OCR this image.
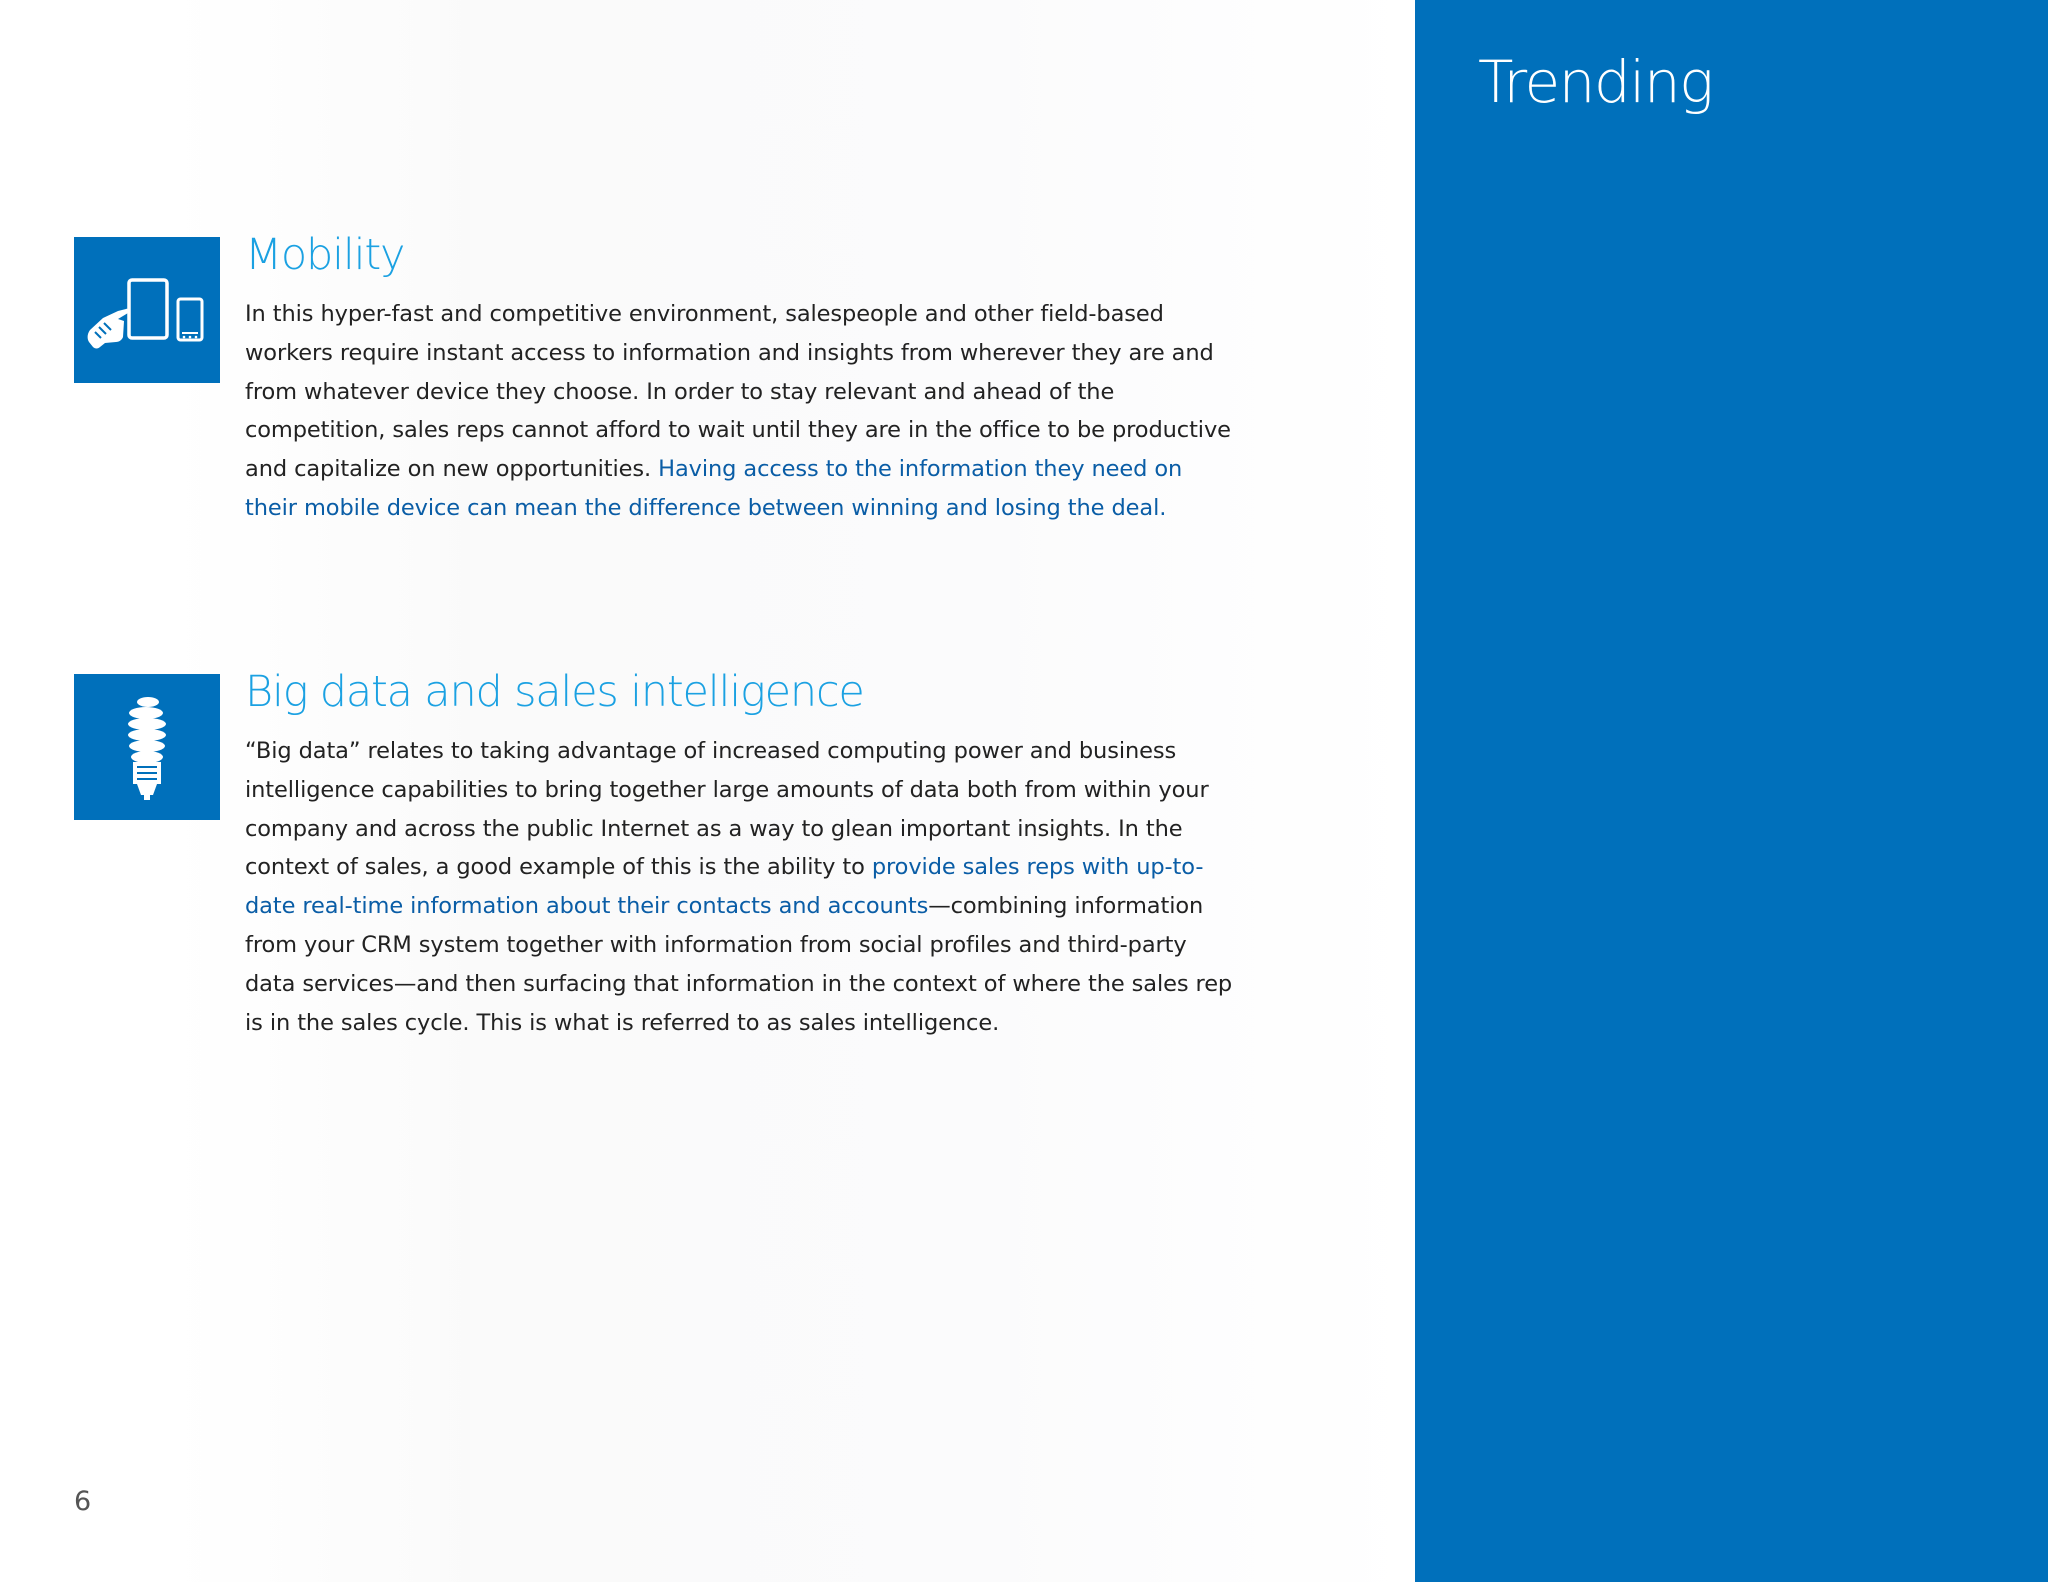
Trending
Mobility

In this hyper-fast and competitive environment, salespeople and other field-based workers require instant access to information and insights from wherever they are and from whatever device they choose. In order to stay relevant and ahead of the competition, sales reps cannot afford to wait until they are in the office to be productive and capitalize on new opportunities. Having access to the information they need on their mobile device can mean the difference between winning and losing the deal.

Big data and sales intelligence

“Big data” relates to taking advantage of increased computing power and business intelligence capabilities to bring together large amounts of data both from within your company and across the public Internet as a way to glean important insights. In the context of sales, a good example of this is the ability to provide sales reps with up-to-date real-time information about their contacts and accounts—combining information from your CRM system together with information from social profiles and third-party data services—and then surfacing that information in the context of where the sales rep is in the sales cycle. This is what is referred to as sales intelligence.

6
